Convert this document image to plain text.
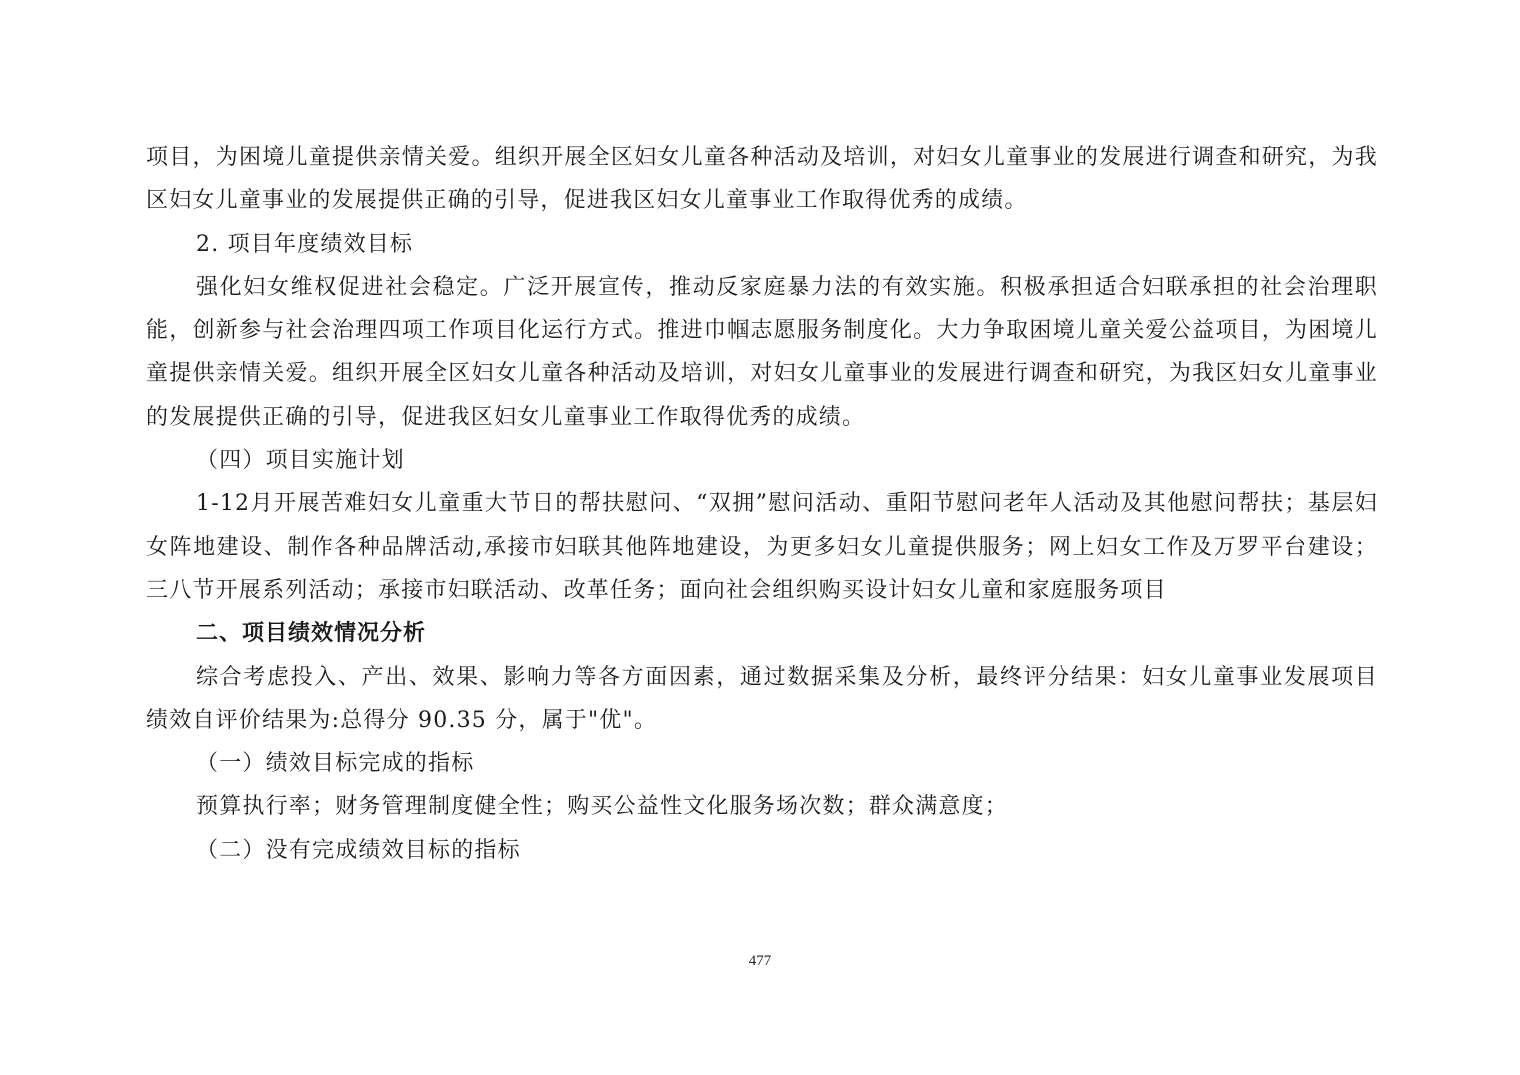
项目，为困境儿童提供亲情关爱。组织开展全区妇女儿童各种活动及培训，对妇女儿童事业的发展进行调查和研究，为我区妇女儿童事业的发展提供正确的引导，促进我区妇女儿童事业工作取得优秀的成绩。

2. 项目年度绩效目标

强化妇女维权促进社会稳定。广泛开展宣传，推动反家庭暴力法的有效实施。积极承担适合妇联承担的社会治理职能，创新参与社会治理四项工作项目化运行方式。推进巾帼志愿服务制度化。大力争取困境儿童关爱公益项目，为困境儿童提供亲情关爱。组织开展全区妇女儿童各种活动及培训，对妇女儿童事业的发展进行调查和研究，为我区妇女儿童事业的发展提供正确的引导，促进我区妇女儿童事业工作取得优秀的成绩。

（四）项目实施计划

1-12月开展苦难妇女儿童重大节日的帮扶慰问、“双拥”慰问活动、重阳节慰问老年人活动及其他慰问帮扶；基层妇女阵地建设、制作各种品牌活动,承接市妇联其他阵地建设，为更多妇女儿童提供服务；网上妇女工作及万罗平台建设；三八节开展系列活动；承接市妇联活动、改革任务；面向社会组织购买设计妇女儿童和家庭服务项目

二、项目绩效情况分析

综合考虑投入、产出、效果、影响力等各方面因素，通过数据采集及分析，最终评分结果：妇女儿童事业发展项目绩效自评价结果为:总得分 90.35 分，属于"优"。

（一）绩效目标完成的指标

预算执行率；财务管理制度健全性；购买公益性文化服务场次数；群众满意度；

（二）没有完成绩效目标的指标

477
